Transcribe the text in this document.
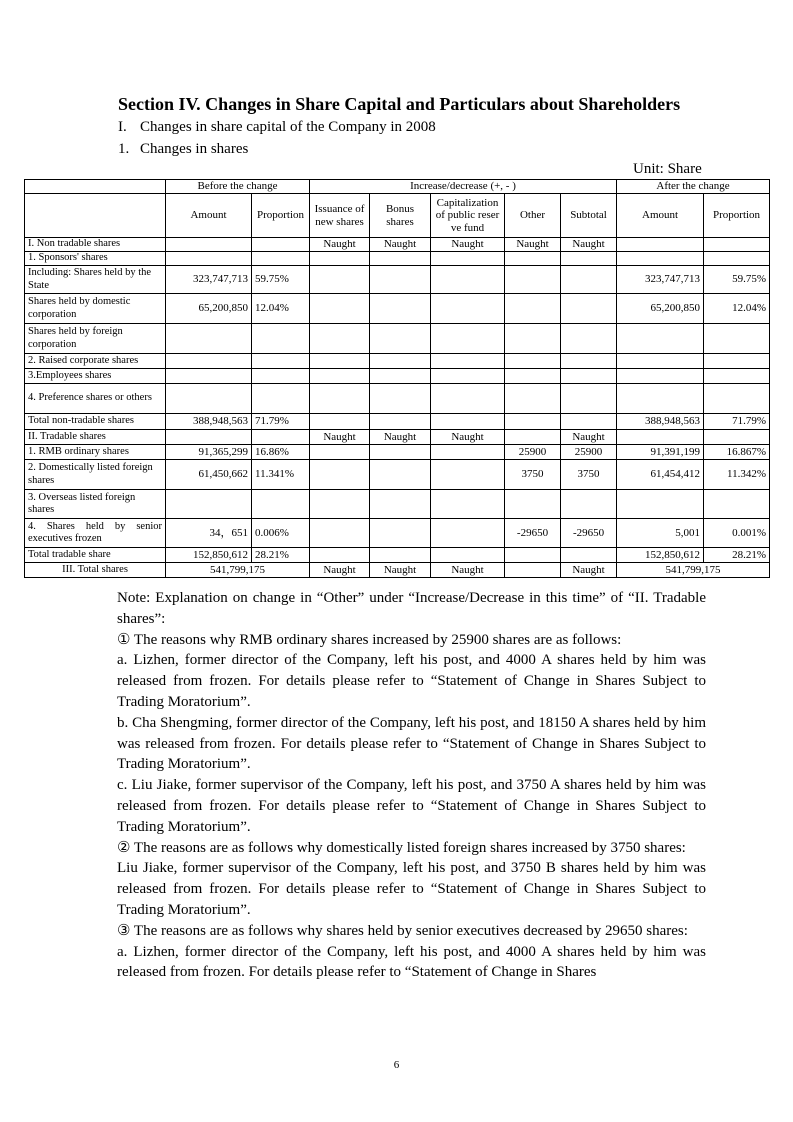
Section IV. Changes in Share Capital and Particulars about Shareholders
I. Changes in share capital of the Company in 2008
1. Changes in shares
Unit: Share
	Before the change		Increase/decrease (+, - )					After the change	
	Amount	Proportion	Issuance of new shares	Bonus shares	Capitalization of public reserve fund	Other	Subtotal	Amount	Proportion
I. Non tradable shares			Naught	Naught	Naught	Naught	Naught		
1. Sponsors' shares									
Including: Shares held by the State	323,747,713	59.75%						323,747,713	59.75%
Shares held by domestic corporation	65,200,850	12.04%						65,200,850	12.04%
Shares held by foreign corporation									
2. Raised corporate shares									
3.Employees shares									
4. Preference shares or others									
Total non-tradable shares	388,948,563	71.79%						388,948,563	71.79%
II. Tradable shares			Naught	Naught	Naught		Naught		
1. RMB ordinary shares	91,365,299	16.86%				25900	25900	91,391,199	16.867%
2. Domestically listed foreign shares	61,450,662	11.341%				3750	3750	61,454,412	11.342%
3. Overseas listed foreign shares									
4. Shares held by senior executives frozen	34，651	0.006%				-29650	-29650	5,001	0.001%
Total tradable share	152,850,612	28.21%						152,850,612	28.21%
III. Total shares	541,799,175		Naught	Naught	Naught		Naught	541,799,175	

Note: Explanation on change in “Other” under “Increase/Decrease in this time” of “II. Tradable shares”:

① The reasons why RMB ordinary shares increased by 25900 shares are as follows:

a. Lizhen, former director of the Company, left his post, and 4000 A shares held by him was released from frozen. For details please refer to “Statement of Change in Shares Subject to Trading Moratorium”.

b. Cha Shengming, former director of the Company, left his post, and 18150 A shares held by him was released from frozen. For details please refer to “Statement of Change in Shares Subject to Trading Moratorium”.

c. Liu Jiake, former supervisor of the Company, left his post, and 3750 A shares held by him was released from frozen. For details please refer to “Statement of Change in Shares Subject to Trading Moratorium”.

② The reasons are as follows why domestically listed foreign shares increased by 3750 shares:

Liu Jiake, former supervisor of the Company, left his post, and 3750 B shares held by him was released from frozen. For details please refer to “Statement of Change in Shares Subject to Trading Moratorium”.

③ The reasons are as follows why shares held by senior executives decreased by 29650 shares:

a. Lizhen, former director of the Company, left his post, and 4000 A shares held by him was released from frozen. For details please refer to “Statement of Change in Shares

6
